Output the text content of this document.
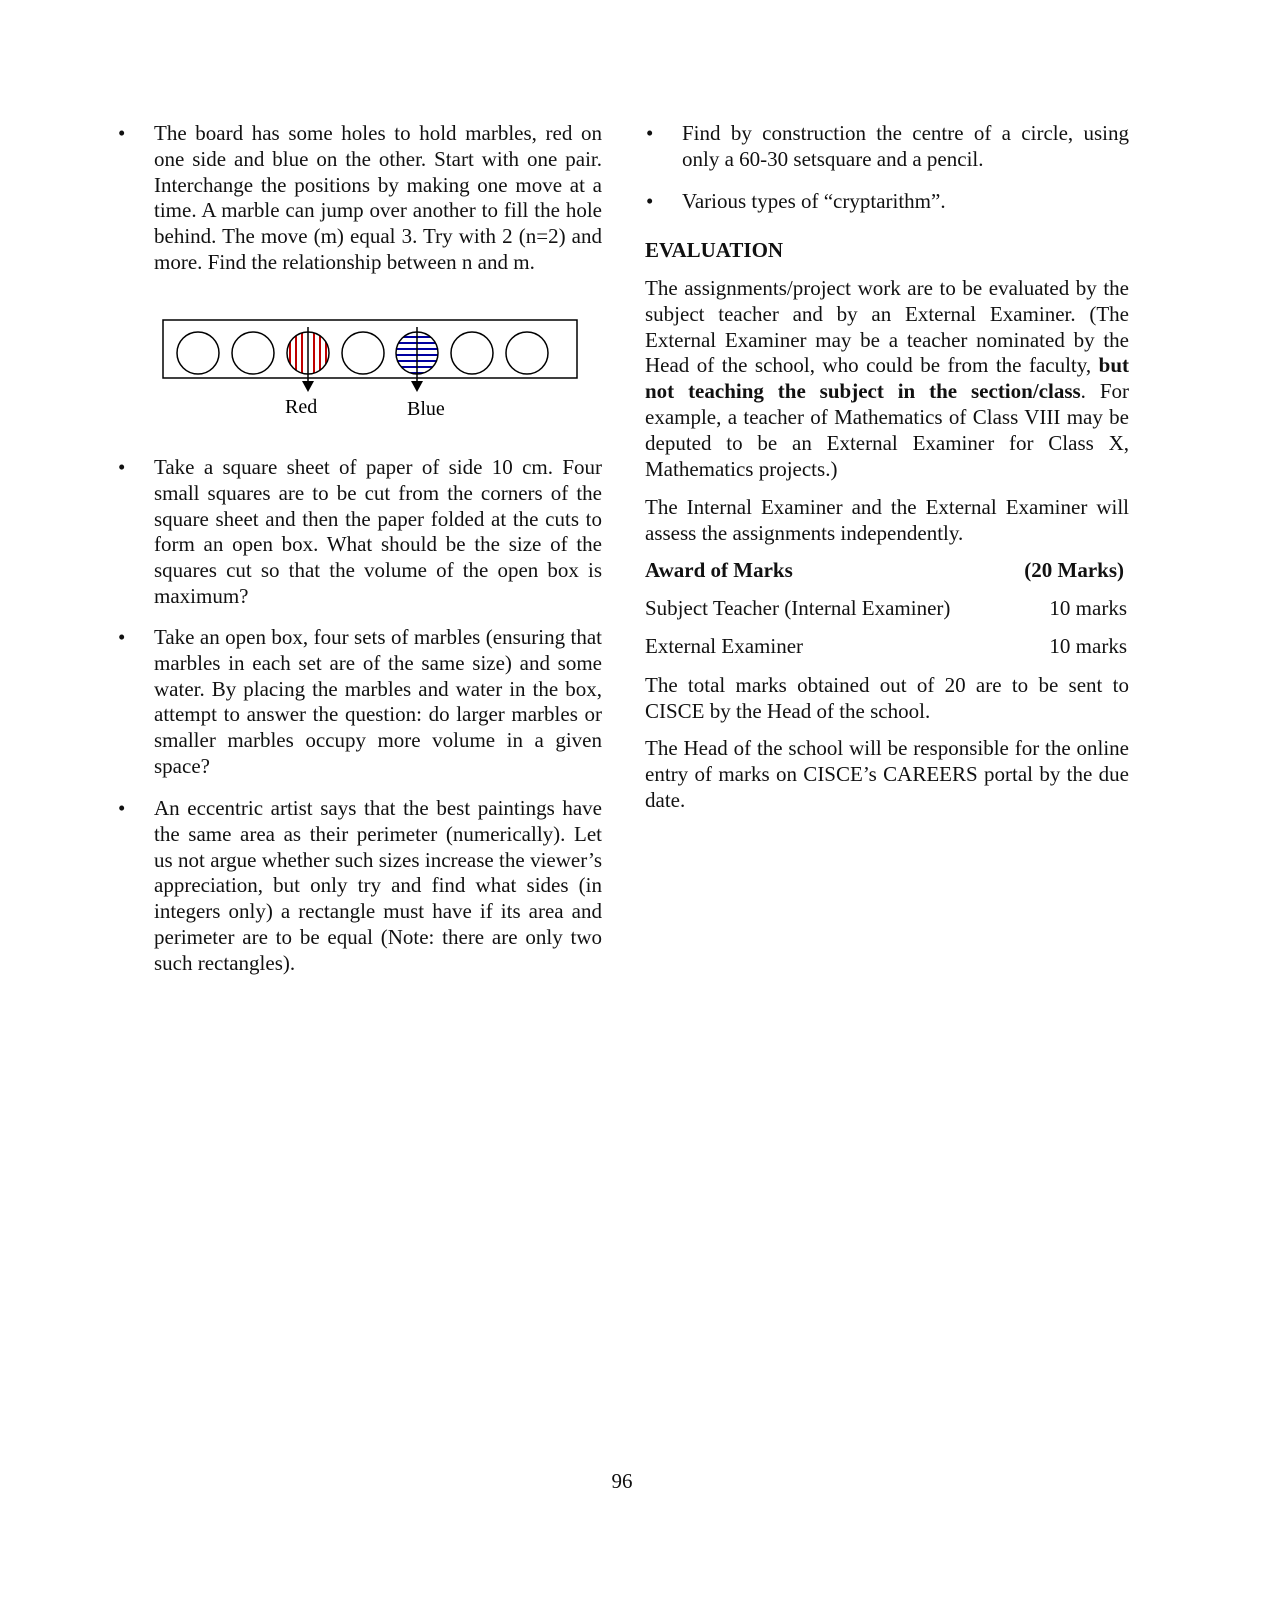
• The board has some holes to hold marbles, red on one side and blue on the other. Start with one pair. Interchange the positions by making one move at a time. A marble can jump over another to fill the hole behind. The move (m) equal 3. Try with 2 (n=2) and more. Find the relationship between n and m.
Red	Blue
• Take a square sheet of paper of side 10 cm. Four small squares are to be cut from the corners of the square sheet and then the paper folded at the cuts to form an open box. What should be the size of the squares cut so that the volume of the open box is maximum?
• Take an open box, four sets of marbles (ensuring that marbles in each set are of the same size) and some water. By placing the marbles and water in the box, attempt to answer the question: do larger marbles or smaller marbles occupy more volume in a given space?
• An eccentric artist says that the best paintings have the same area as their perimeter (numerically). Let us not argue whether such sizes increase the viewer’s appreciation, but only try and find what sides (in integers only) a rectangle must have if its area and perimeter are to be equal (Note: there are only two such rectangles).
• Find by construction the centre of a circle, using only a 60-30 setsquare and a pencil.
• Various types of “cryptarithm”.
EVALUATION
The assignments/project work are to be evaluated by the subject teacher and by an External Examiner. (The External Examiner may be a teacher nominated by the Head of the school, who could be from the faculty, but not teaching the subject in the section/class. For example, a teacher of Mathematics of Class VIII may be deputed to be an External Examiner for Class X, Mathematics projects.)
The Internal Examiner and the External Examiner will assess the assignments independently.
Award of Marks	(20 Marks)
Subject Teacher (Internal Examiner)	10 marks
External Examiner	10 marks
The total marks obtained out of 20 are to be sent to CISCE by the Head of the school.
The Head of the school will be responsible for the online entry of marks on CISCE’s CAREERS portal by the due date.
96
